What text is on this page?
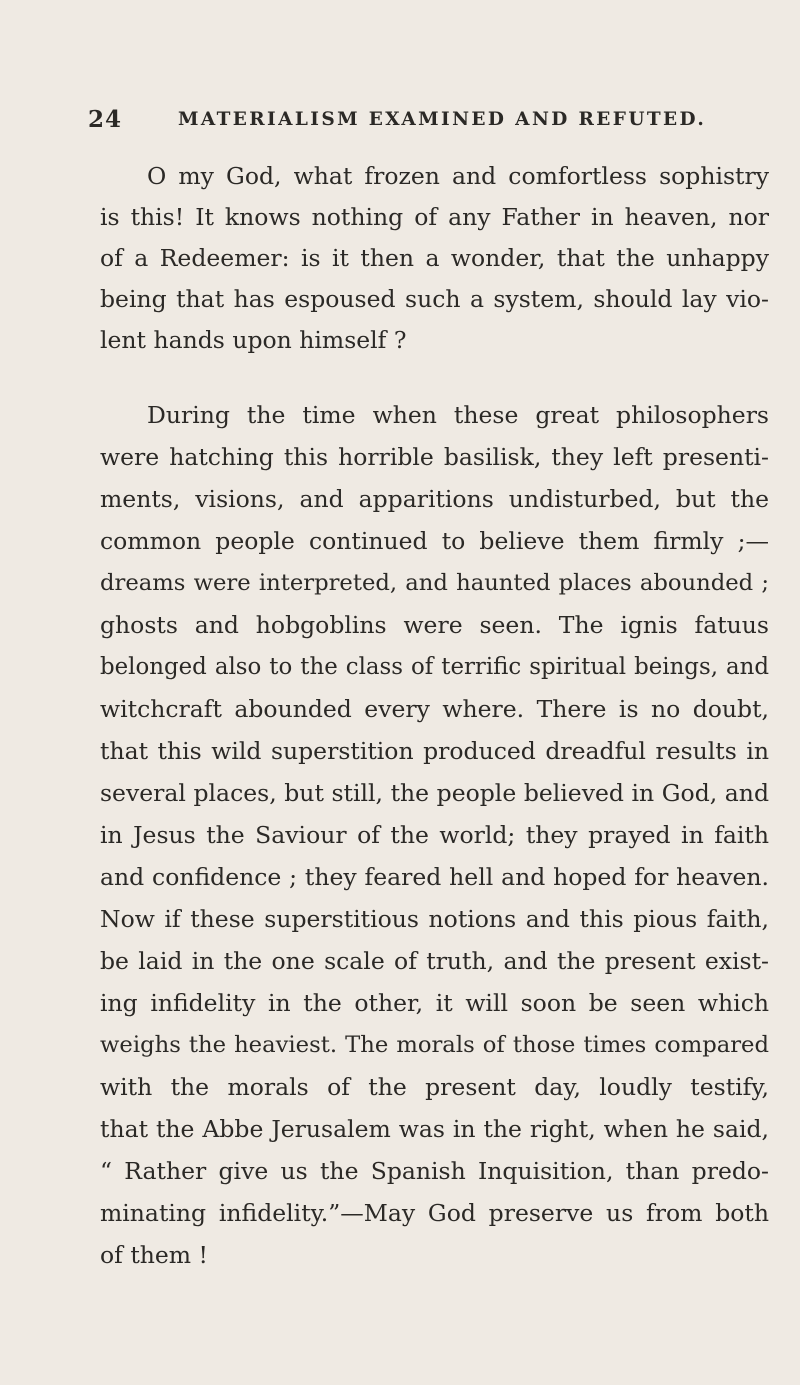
24	MATERIALISM EXAMINED AND REFUTED.
O my God, what frozen and comfortless sophistry
is this! It knows nothing of any Father in heaven, nor
of a Redeemer: is it then a wonder, that the unhappy
being that has espoused such a system, should lay vio-
lent hands upon himself ?
During the time when these great philosophers
were hatching this horrible basilisk, they left presenti-
ments, visions, and apparitions undisturbed, but the
common people continued to believe them firmly ;—
dreams were interpreted, and haunted places abounded ;
ghosts and hobgoblins were seen. The ignis fatuus
belonged also to the class of terrific spiritual beings, and
witchcraft abounded every where. There is no doubt,
that this wild superstition produced dreadful results in
several places, but still, the people believed in God, and
in Jesus the Saviour of the world; they prayed in faith
and confidence ; they feared hell and hoped for heaven.
Now if these superstitious notions and this pious faith,
be laid in the one scale of truth, and the present exist-
ing infidelity in the other, it will soon be seen which
weighs the heaviest. The morals of those times compared
with the morals of the present day, loudly testify,
that the Abbe Jerusalem was in the right, when he said,
“ Rather give us the Spanish Inquisition, than predo-
minating infidelity.”—May God preserve us from both
of them !
